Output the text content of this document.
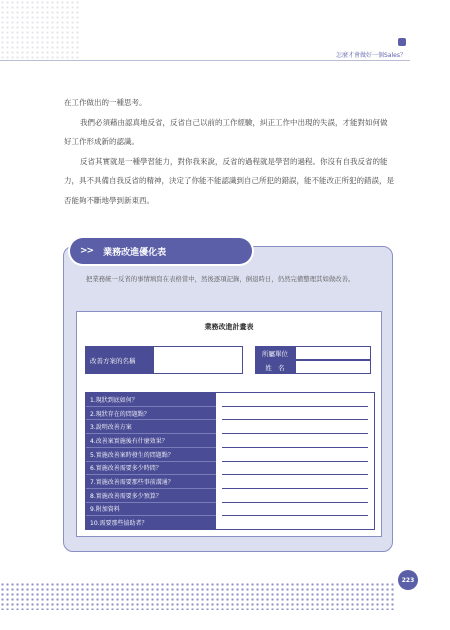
怎麼才會做好一個Sales？

在工作做出的一種思考。

我們必須藉由認真地反省，反省自己以前的工作經驗，糾正工作中出現的失誤，才能對如何做好工作形成新的認識。

反省其實就是一種學習能力，對你我來說，反省的過程就是學習的過程。你沒有自我反省的能力，具不具備自我反省的精神，決定了你能不能認識到自己所犯的錯誤，能不能改正所犯的錯誤，是否能夠不斷地學到新東西。

>> 業務改進優化表
把業務統一反省的事情填寫在表格當中，然後逐項記錄，倒退時日，仍然完備整理其如做改善。
業務改進計畫表
改善方案的名稱
所屬單位
姓　名
1.現狀到底如何？
2.現狀存在的問題點？
3.說明改善方案
4.改善案實施後有什麼效果？
5.實施改善案時發生的問題點？
6.實施改善需要多少時間？
7.實施改善需要那些事前溝通？
8.實施改善需要多少預算？
9.附加資料
10.需要那些協助者？
223
